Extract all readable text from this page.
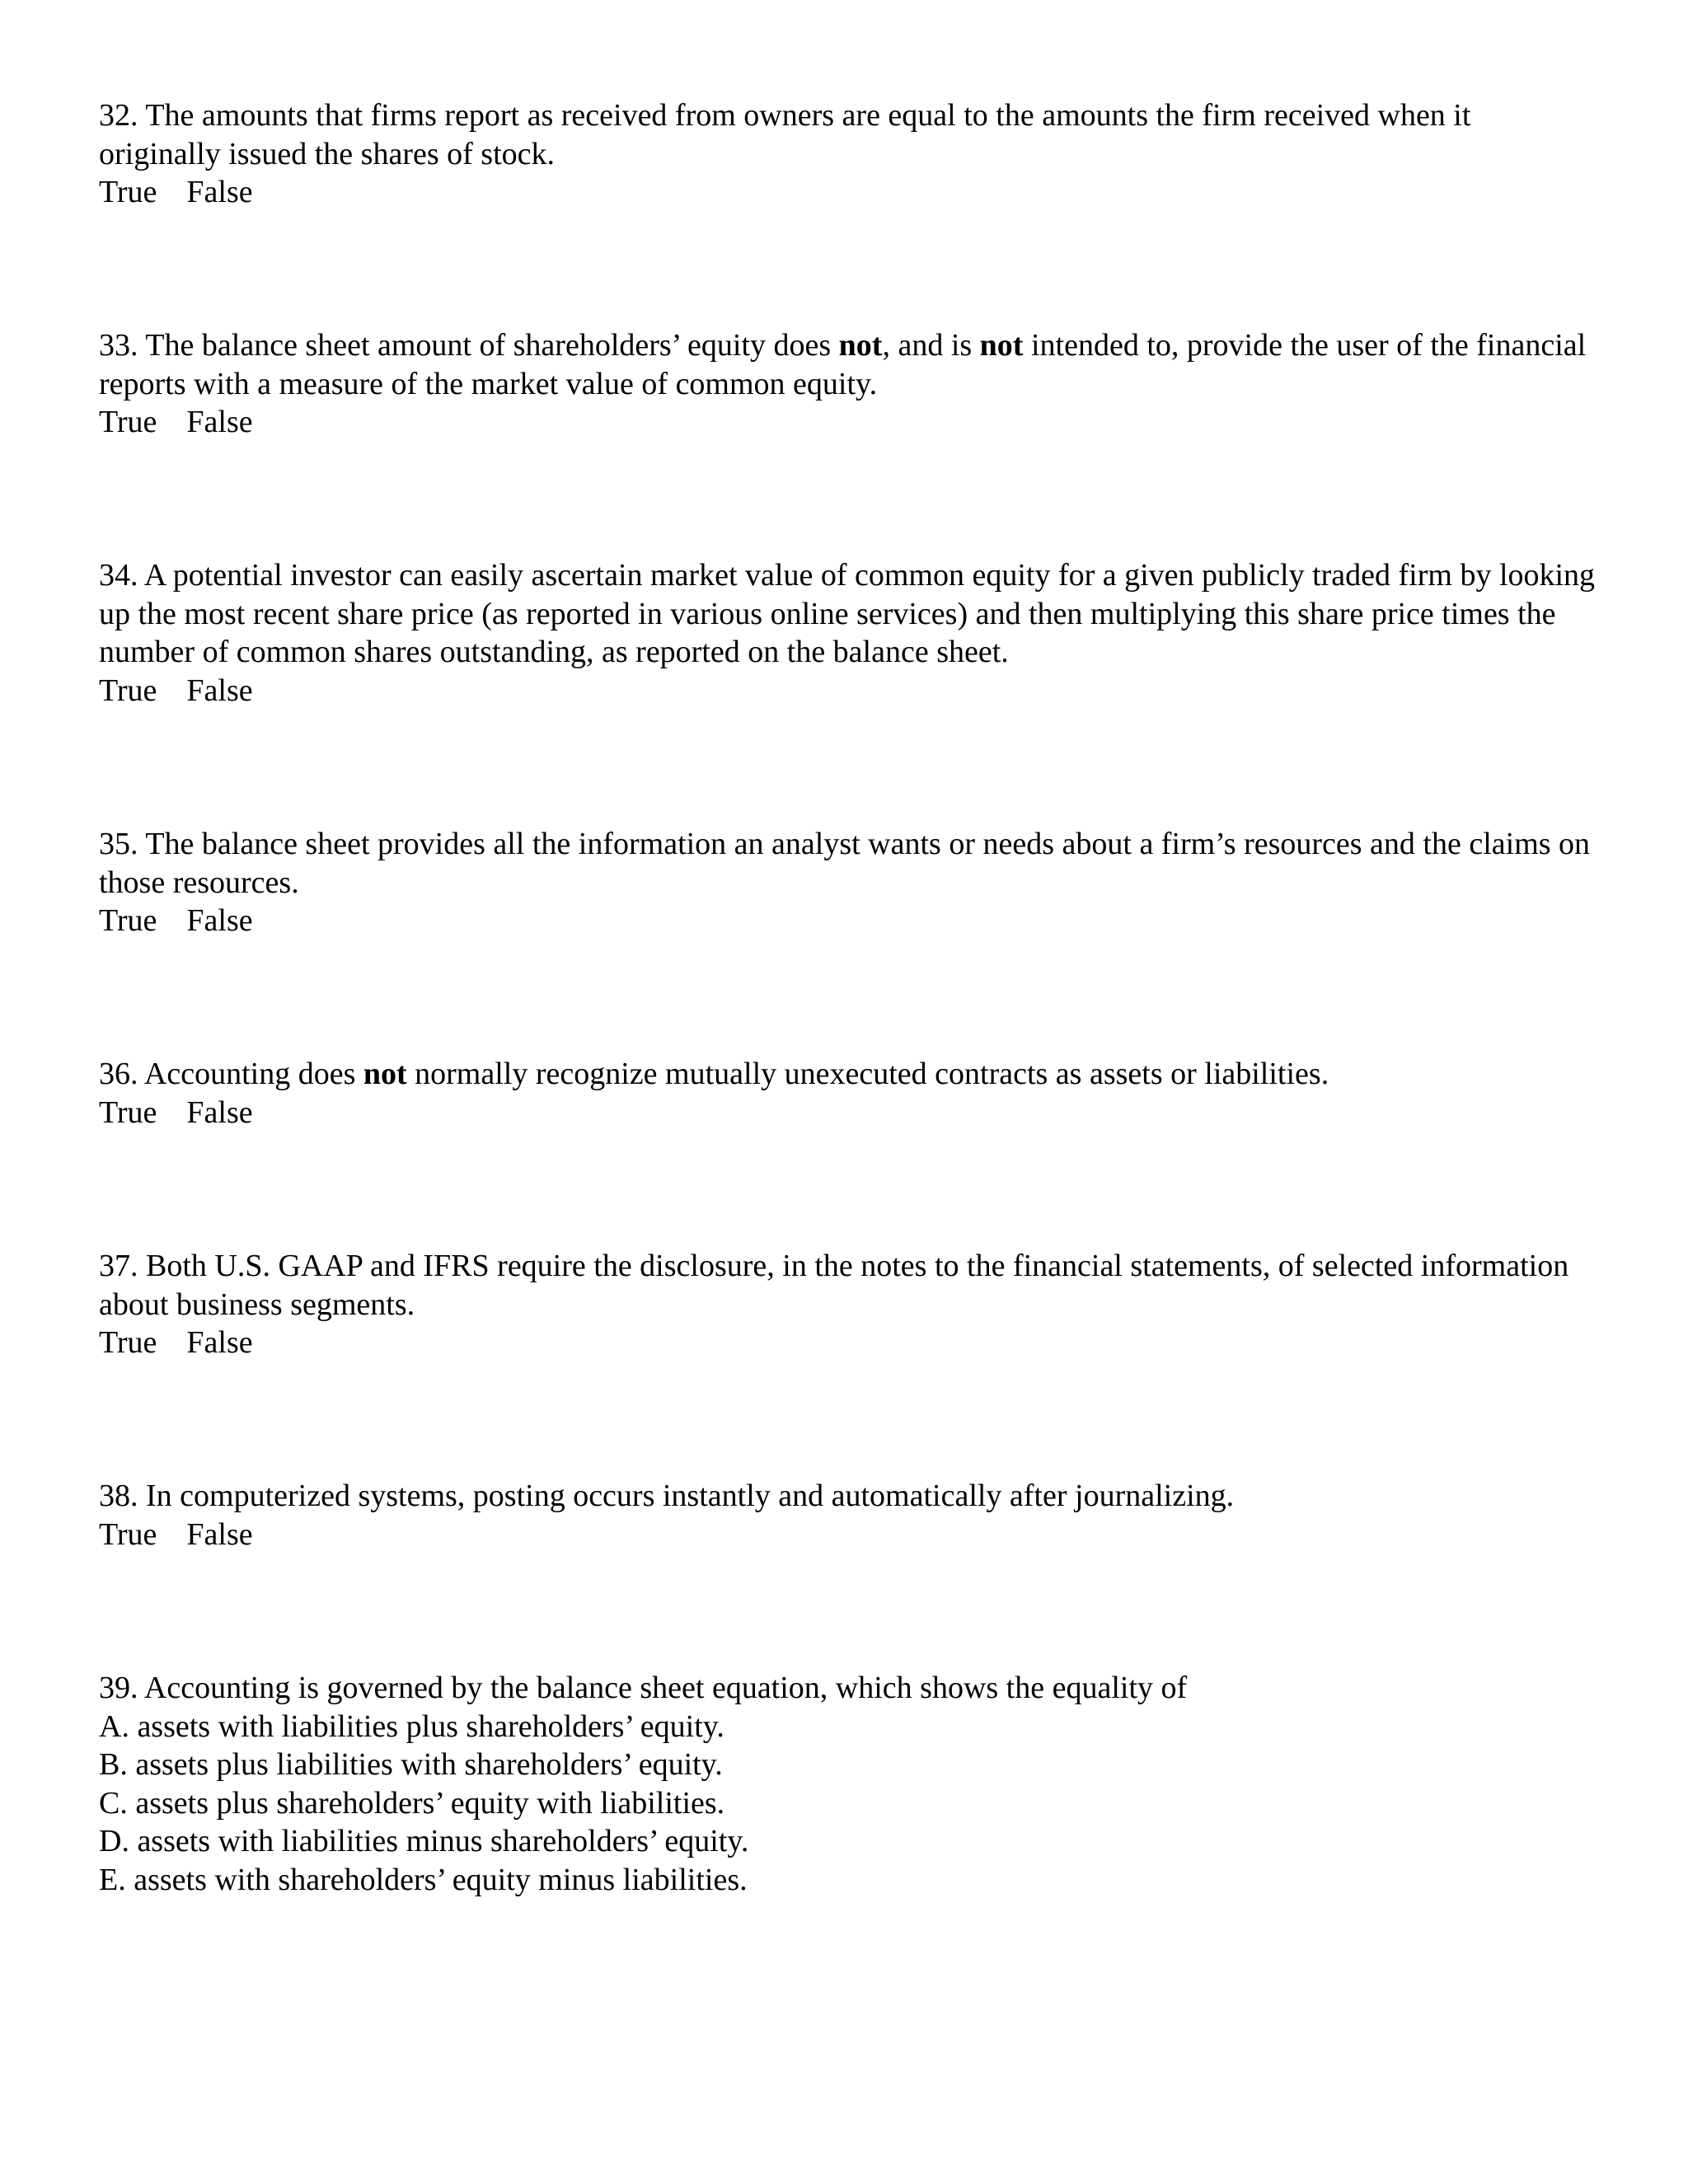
32. The amounts that firms report as received from owners are equal to the amounts the firm received when it originally issued the shares of stock.
True False
33. The balance sheet amount of shareholders’ equity does not, and is not intended to, provide the user of the financial reports with a measure of the market value of common equity.
True False
34. A potential investor can easily ascertain market value of common equity for a given publicly traded firm by looking up the most recent share price (as reported in various online services) and then multiplying this share price times the number of common shares outstanding, as reported on the balance sheet.
True False
35. The balance sheet provides all the information an analyst wants or needs about a firm’s resources and the claims on those resources.
True False
36. Accounting does not normally recognize mutually unexecuted contracts as assets or liabilities.
True False
37. Both U.S. GAAP and IFRS require the disclosure, in the notes to the financial statements, of selected information about business segments.
True False
38. In computerized systems, posting occurs instantly and automatically after journalizing.
True False
39. Accounting is governed by the balance sheet equation, which shows the equality of
A. assets with liabilities plus shareholders’ equity.
B. assets plus liabilities with shareholders’ equity.
C. assets plus shareholders’ equity with liabilities.
D. assets with liabilities minus shareholders’ equity.
E. assets with shareholders’ equity minus liabilities.
